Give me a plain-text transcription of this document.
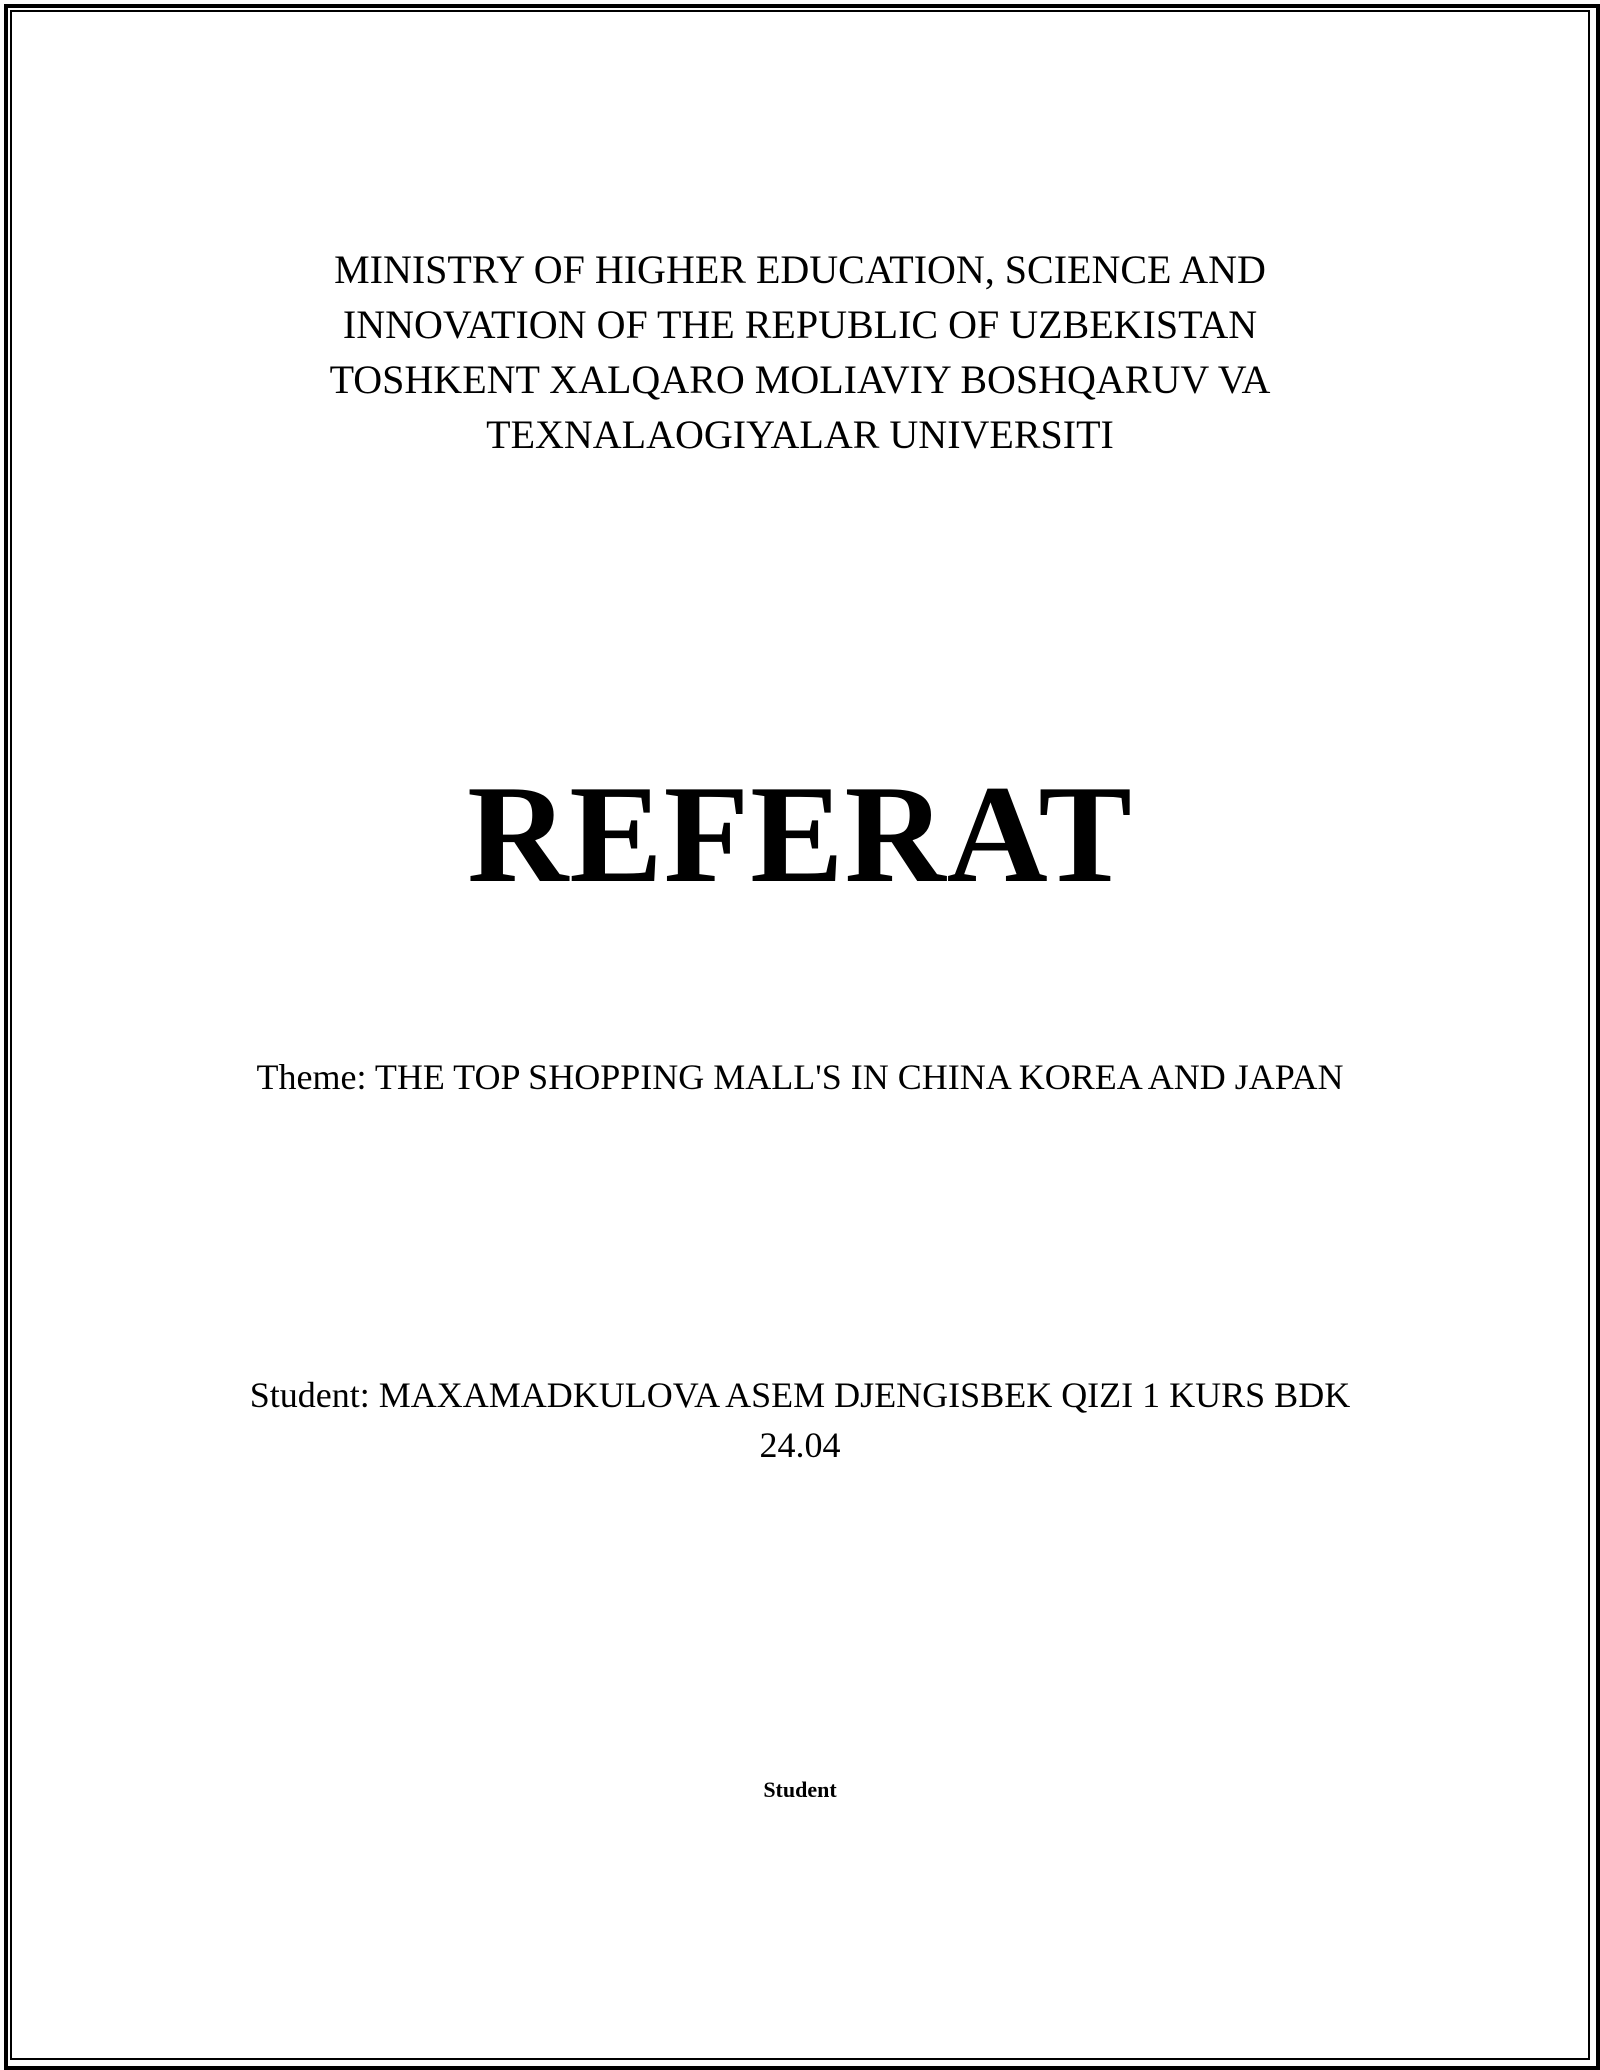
MINISTRY OF HIGHER EDUCATION, SCIENCE AND
INNOVATION OF THE REPUBLIC OF UZBEKISTAN
TOSHKENT XALQARO MOLIAVIY BOSHQARUV VA
TEXNALAOGIYALAR UNIVERSITI
REFERAT
Theme: THE TOP SHOPPING MALL'S IN CHINA KOREA AND JAPAN
Student: MAXAMADKULOVA ASEM DJENGISBEK QIZI 1 KURS BDK
24.04
Student
